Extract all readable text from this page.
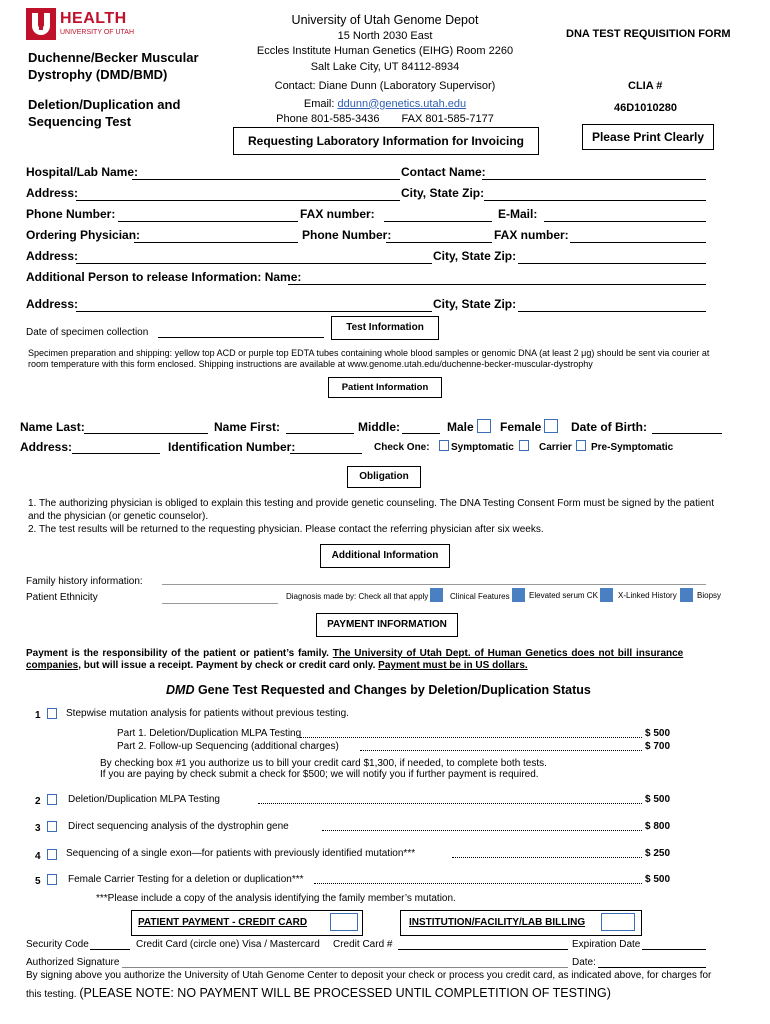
HEALTH
UNIVERSITY OF UTAH
Duchenne/Becker Muscular
Dystrophy (DMD/BMD)
Deletion/Duplication and
Sequencing Test
University of Utah Genome Depot
15 North 2030 East
Eccles Institute Human Genetics (EIHG) Room 2260
Salt Lake City, UT 84112-8934
Contact: Diane Dunn (Laboratory Supervisor)
Email: ddunn@genetics.utah.edu
Phone 801-585-3436 FAX 801-585-7177
DNA TEST REQUISITION FORM
CLIA #
46D1010280
Please Print Clearly
Requesting Laboratory Information for Invoicing
Hospital/Lab Name:	Contact Name:
Address:	City, State Zip:
Phone Number:	FAX number:	E-Mail:
Ordering Physician:	Phone Number:	FAX number:
Address:	City, State Zip:
Additional Person to release Information: Name:
Address:	City, State Zip:
Date of specimen collection	Test Information
Specimen preparation and shipping: yellow top ACD or purple top EDTA tubes containing whole blood samples or genomic DNA (at least 2 μg) should be sent via courier at
room temperature with this form enclosed. Shipping instructions are available at www.genome.utah.edu/duchenne-becker-muscular-dystrophy
Patient Information
Name Last:	Name First:	Middle:	Male Female Date of Birth:
Address:	Identification Number:	Check One: Symptomatic	Carrier Pre-Symptomatic
Obligation
1. The authorizing physician is obliged to explain this testing and provide genetic counseling. The DNA Testing Consent Form must be signed by the patient
and the physician (or genetic counselor).
2. The test results will be returned to the requesting physician. Please contact the referring physician after six weeks.
Additional Information
Family history information:
Patient Ethnicity	Diagnosis made by: Check all that apply	Clinical Features Elevated serum CK	X-Linked History	Biopsy
PAYMENT INFORMATION
Payment is the responsibility of the patient or patient’s family. The University of Utah Dept. of Human Genetics does not bill insurance
companies, but will issue a receipt. Payment by check or credit card only. Payment must be in US dollars.
DMD Gene Test Requested and Changes by Deletion/Duplication Status
1	Stepwise mutation analysis for patients without previous testing.
Part 1. Deletion/Duplication MLPA Testing	$ 500
Part 2. Follow-up Sequencing (additional charges)	$ 700
By checking box #1 you authorize us to bill your credit card $1,300, if needed, to complete both tests.
If you are paying by check submit a check for $500; we will notify you if further payment is required.
2	Deletion/Duplication MLPA Testing	$ 500
3	Direct sequencing analysis of the dystrophin gene	$ 800
4	Sequencing of a single exon—for patients with previously identified mutation***	$ 250
5	Female Carrier Testing for a deletion or duplication***	$ 500
***Please include a copy of the analysis identifying the family member’s mutation.
PATIENT PAYMENT - CREDIT CARD	INSTITUTION/FACILITY/LAB BILLING
Security Code	Credit Card (circle one) Visa / Mastercard Credit Card #	Expiration Date
Authorized Signature	Date:
By signing above you authorize the University of Utah Genome Center to deposit your check or process you credit card, as indicated above, for charges for
this testing. (PLEASE NOTE: NO PAYMENT WILL BE PROCESSED UNTIL COMPLETITION OF TESTING)
